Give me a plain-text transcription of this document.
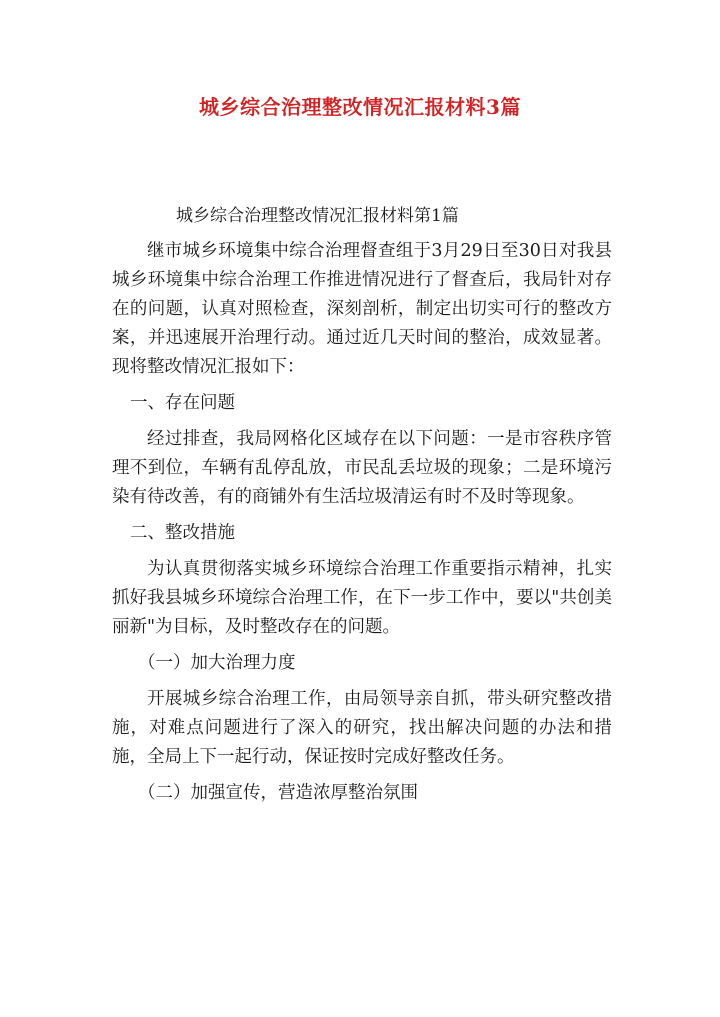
城乡综合治理整改情况汇报材料3篇

城乡综合治理整改情况汇报材料第1篇

继市城乡环境集中综合治理督查组于3月29日至30日对我县城乡环境集中综合治理工作推进情况进行了督查后，我局针对存在的问题，认真对照检查，深刻剖析，制定出切实可行的整改方案，并迅速展开治理行动。通过近几天时间的整治，成效显著。现将整改情况汇报如下：

一、存在问题

经过排查，我局网格化区域存在以下问题：一是市容秩序管理不到位，车辆有乱停乱放，市民乱丢垃圾的现象；二是环境污染有待改善，有的商铺外有生活垃圾清运有时不及时等现象。

二、整改措施

为认真贯彻落实城乡环境综合治理工作重要指示精神，扎实抓好我县城乡环境综合治理工作，在下一步工作中，要以"共创美丽新"为目标，及时整改存在的问题。

（一）加大治理力度

开展城乡综合治理工作，由局领导亲自抓，带头研究整改措施，对难点问题进行了深入的研究，找出解决问题的办法和措施，全局上下一起行动，保证按时完成好整改任务。

（二）加强宣传，营造浓厚整治氛围
